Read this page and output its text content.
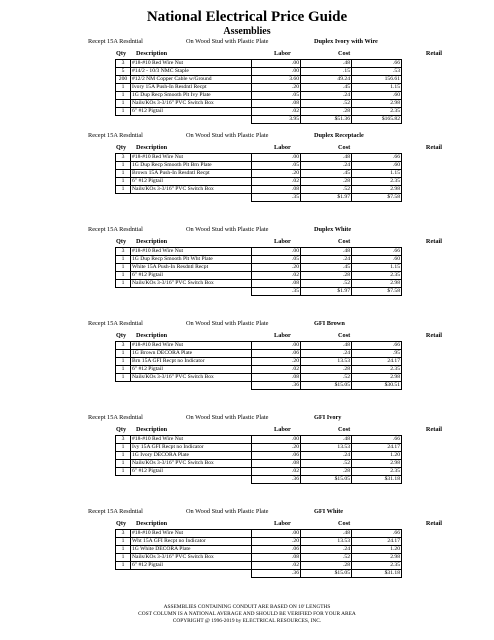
National Electrical Price Guide
Assemblies
Recept 15A Resdntial	On Wood Stud with Plastic Plate	Duplex Ivory with Wire
Qty Description	Labor	Cost	Retail
3	#18-#10 Red Wire Nut	.00	.48	.66
5	#14/2 - 10/3 NMC Staple	.00	.15	.53
200	#12/2 NM Copper Cable w/Ground	3.60	49.24	156.61
1	Ivory 15A Push-In Resdntl Recpt	.20	.45	1.15
1	1G Dup Recp Smooth Plt Ivy Plate	.05	.24	.60
1	Nails/KOs 3-3/16" PVC Switch Box	.08	.52	2.98
1	6" #12 Pigtail	.02	.28	2.35
		3.95	$51.36	$165.82
Recept 15A Resdntial	On Wood Stud with Plastic Plate	Duplex Receptacle
Qty Description	Labor	Cost	Retail
3	#18-#10 Red Wire Nut	.00	.48	.66
1	1G Dup Recp Smooth Plt Brn Plate	.05	.24	.60
1	Brown 15A Push-In Resdntl Recpt	.20	.45	1.15
1	6" #12 Pigtail	.02	.28	2.35
1	Nails/KOs 3-3/16" PVC Switch Box	.08	.52	2.98
		.35	$1.97	$7.58
Recept 15A Resdntial	On Wood Stud with Plastic Plate	Duplex White
Qty Description	Labor	Cost	Retail
3	#18-#10 Red Wire Nut	.00	.48	.66
1	1G Dup Recp Smooth Plt Wht Plate	.05	.24	.60
1	White 15A Push-In Resdntl Recpt	.20	.45	1.15
1	6" #12 Pigtail	.02	.28	2.35
1	Nails/KOs 3-3/16" PVC Switch Box	.08	.52	2.98
		.35	$1.97	$7.58
Recept 15A Resdntial	On Wood Stud with Plastic Plate	GFI Brown
Qty Description	Labor	Cost	Retail
3	#18-#10 Red Wire Nut	.00	.48	.66
1	1G Brown DECORA Plate	.06	.24	.95
1	Brn 15A GFI Recpt no Indicator	.20	13.53	24.17
1	6" #12 Pigtail	.02	.28	2.35
1	Nails/KOs 3-3/16" PVC Switch Box	.08	.52	2.98
		.36	$15.05	$30.51
Recept 15A Resdntial	On Wood Stud with Plastic Plate	GFI Ivory
Qty Description	Labor	Cost	Retail
3	#18-#10 Red Wire Nut	.00	.48	.66
1	Ivy 15A GFI Recpt no Indicator	.20	13.53	24.17
1	1G Ivory DECORA Plate	.06	.24	1.20
1	Nails/KOs 3-3/16" PVC Switch Box	.08	.52	2.98
1	6" #12 Pigtail	.02	.28	2.35
		.36	$15.05	$31.18
Recept 15A Resdntial	On Wood Stud with Plastic Plate	GFI White
Qty Description	Labor	Cost	Retail
3	#18-#10 Red Wire Nut	.00	.48	.66
1	Wht 15A GFI Recpt no Indicator	.20	13.53	24.17
1	1G White DECORA Plate	.06	.24	1.20
1	Nails/KOs 3-3/16" PVC Switch Box	.08	.52	2.98
1	6" #12 Pigtail	.02	.28	2.35
		.36	$15.05	$31.18
ASSEMBLIES CONTAINING CONDUIT ARE BASED ON 10' LENGTHS
COST COLUMN IS A NATIONAL AVERAGE AND SHOULD BE VERIFIED FOR YOUR AREA
COPYRIGHT @ 1996-2019 by ELECTRICAL RESOURCES, INC.
